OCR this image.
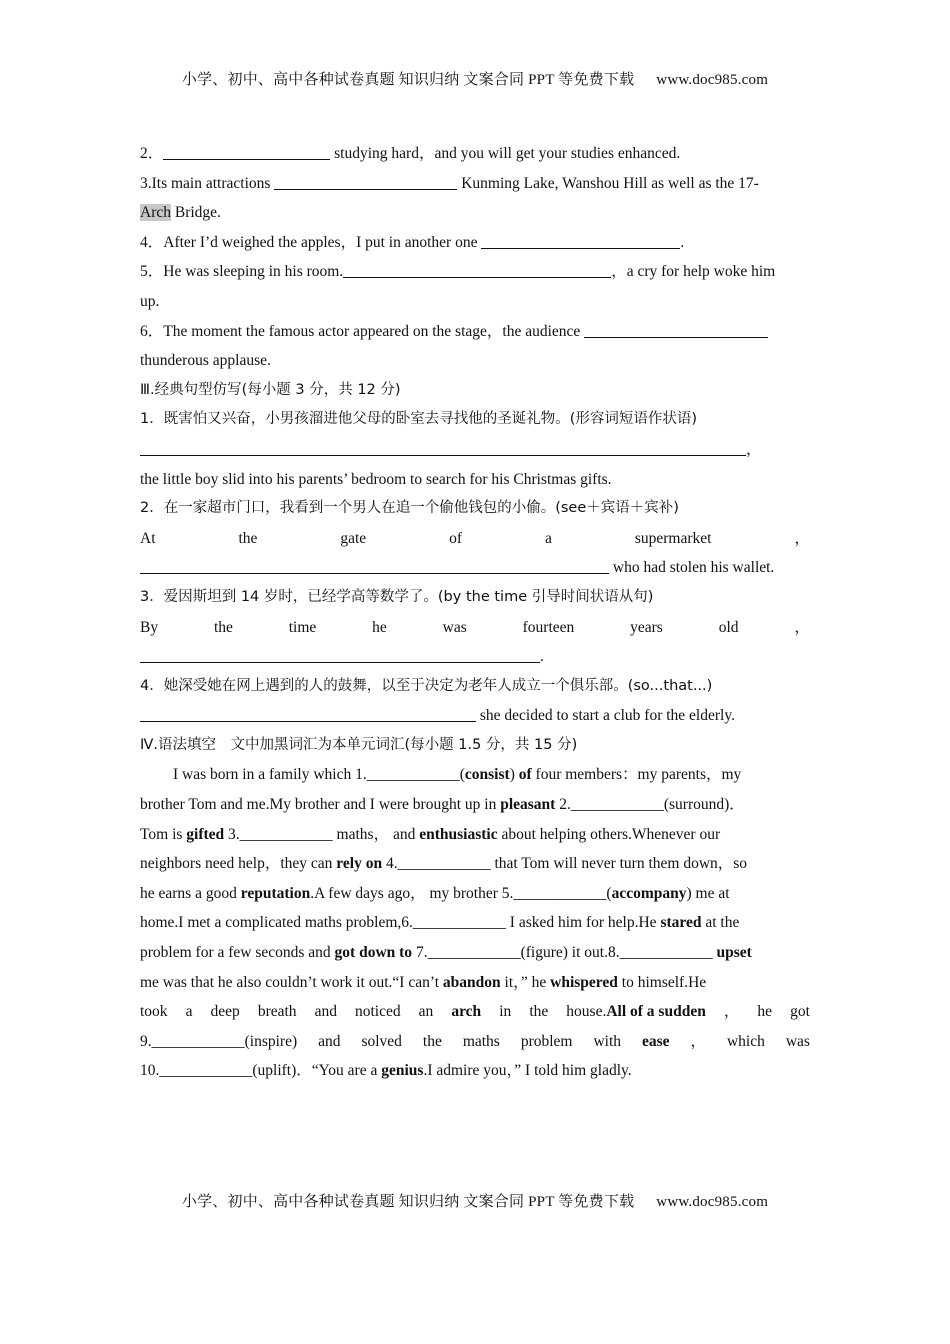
小学、初中、高中各种试卷真题 知识归纳 文案合同 PPT 等免费下载 www.doc985.com
2．	studying hard，and you will get your studies enhanced.
3.Its main attractions	Kunming Lake, Wanshou Hill as well as the 17-
Arch Bridge.
4．After I’d weighed the apples，I put in another one	.
5．He was sleeping in his room.	，a cry for help woke him
up.
6．The moment the famous actor appeared on the stage，the audience
thunderous applause.
Ⅲ.经典句型仿写(每小题 3 分，共 12 分)
1．既害怕又兴奋，小男孩溜进他父母的卧室去寻找他的圣诞礼物。(形容词短语作状语)
，
the little boy slid into his parents’ bedroom to search for his Christmas gifts.
2．在一家超市门口，我看到一个男人在追一个偷他钱包的小偷。(see＋宾语＋宾补)
At	the	gate	of	a	supermarket	，
who had stolen his wallet.
3．爱因斯坦到 14 岁时，已经学高等数学了。(by the time 引导时间状语从句)
By	the	time	he	was	fourteen	years	old	，
.
4．她深受她在网上遇到的人的鼓舞，以至于决定为老年人成立一个俱乐部。(so...that...)
she decided to start a club for the elderly.
Ⅳ.语法填空　文中加黑词汇为本单元词汇(每小题 1.5 分，共 15 分)
I was born in a family which 1.____________(consist) of four members：my parents，my
brother Tom and me.My brother and I were brought up in pleasant 2.____________(surround)．
Tom is gifted 3.____________ maths， and enthusiastic about helping others.Whenever our
neighbors need help，they can rely on 4.____________ that Tom will never turn them down，so
he earns a good reputation.A few days ago， my brother 5.____________(accompany) me at
home.I met a complicated maths problem,6.____________ I asked him for help.He stared at the
problem for a few seconds and got down to 7.____________(figure) it out.8.____________ upset
me was that he also couldn’t work it out.“I can’t abandon it，” he whispered to himself.He
took a deep breath and noticed an arch in the house.All of a sudden ， he got
9.____________(inspire) and solved the maths problem with ease ， which was
10.____________(uplift)．“You are a genius.I admire you，” I told him gladly.
小学、初中、高中各种试卷真题 知识归纳 文案合同 PPT 等免费下载 www.doc985.com
